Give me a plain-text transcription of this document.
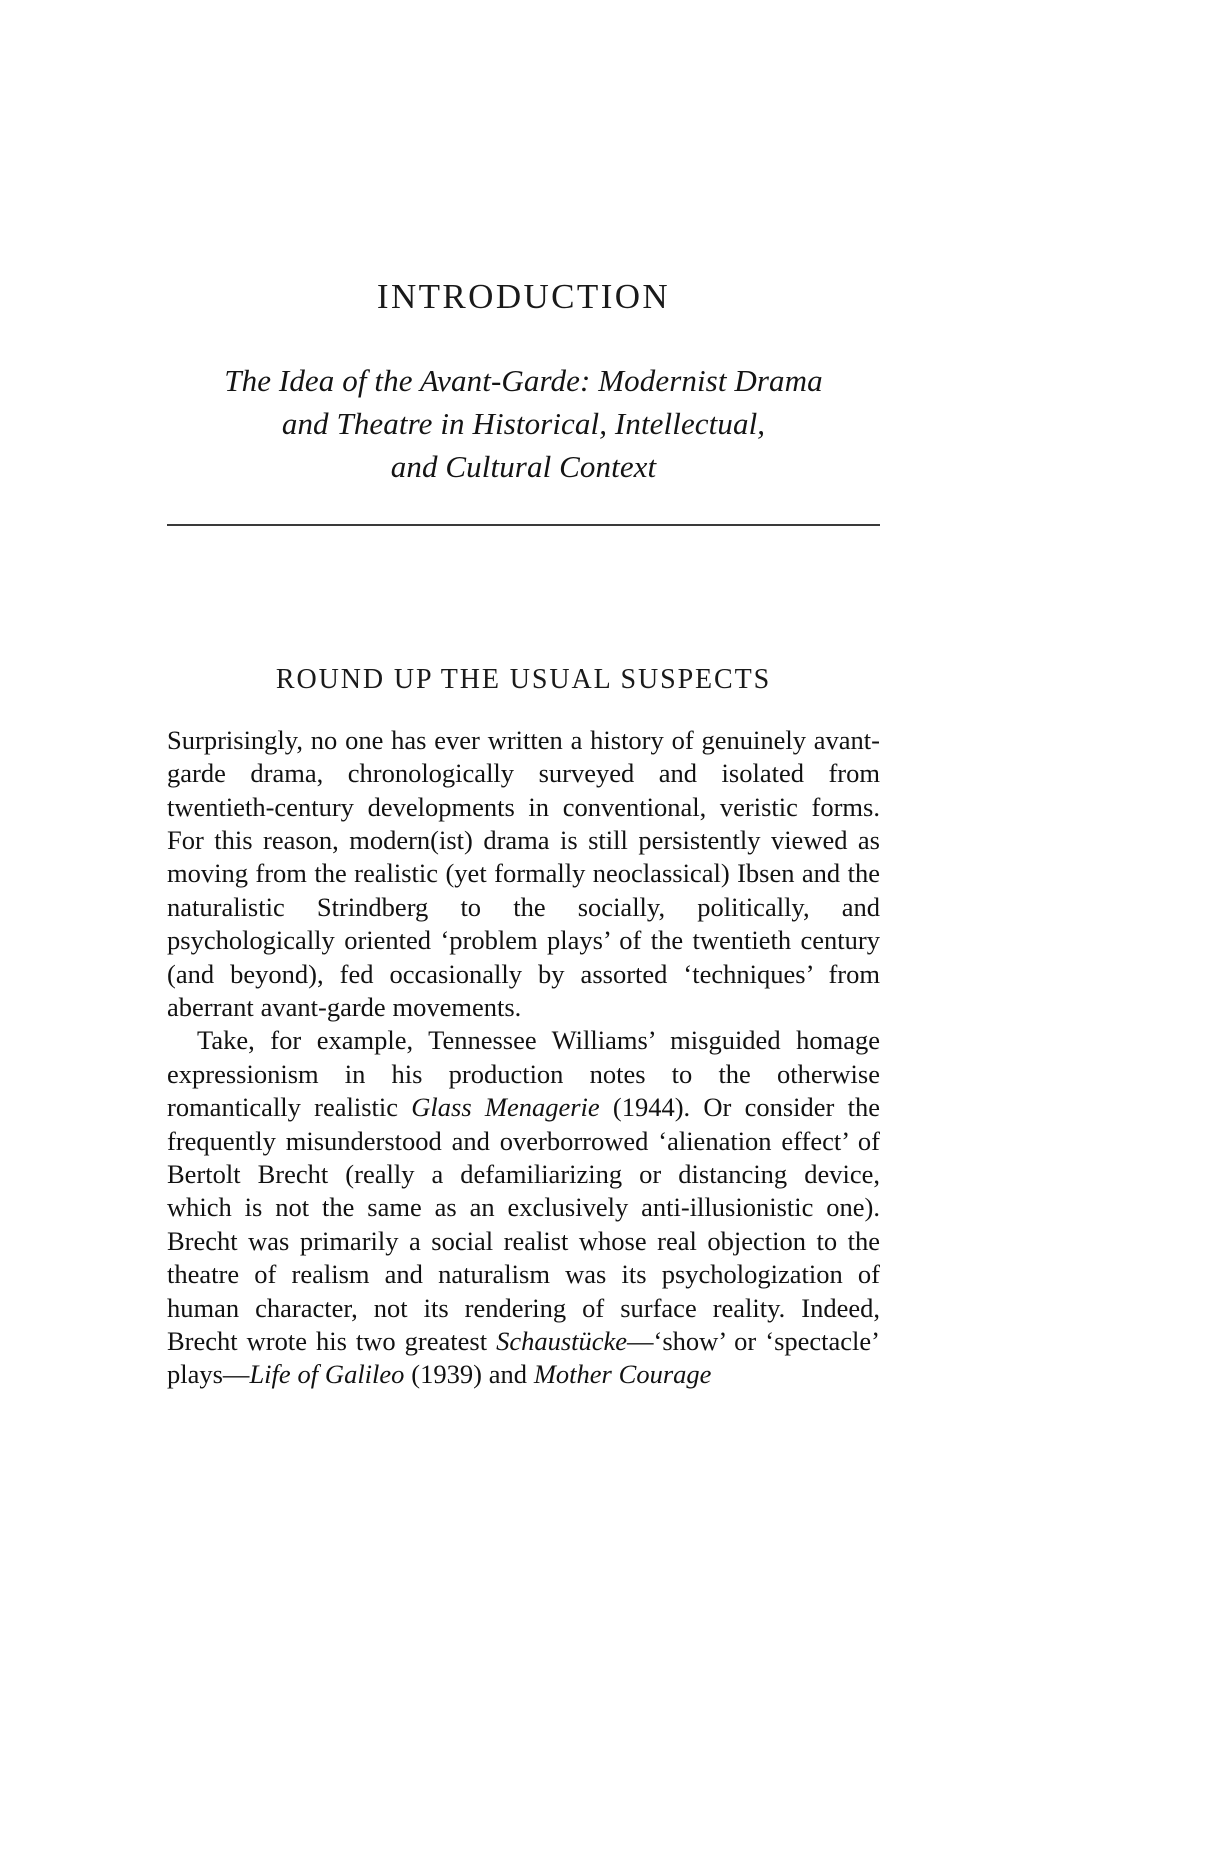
INTRODUCTION
The Idea of the Avant-Garde: Modernist Drama
and Theatre in Historical, Intellectual,
and Cultural Context
ROUND UP THE USUAL SUSPECTS

Surprisingly, no one has ever written a history of genuinely avant-garde drama, chronologically surveyed and isolated from twentieth-century developments in conventional, veristic forms. For this reason, modern(ist) drama is still persistently viewed as moving from the realistic (yet formally neoclassical) Ibsen and the naturalistic Strindberg to the socially, politically, and psychologically oriented ‘problem plays’ of the twentieth century (and beyond), fed occasionally by assorted ‘techniques’ from aberrant avant-garde movements.

Take, for example, Tennessee Williams’ misguided homage expressionism in his production notes to the otherwise romantically realistic Glass Menagerie (1944). Or consider the frequently misunderstood and overborrowed ‘alienation effect’ of Bertolt Brecht (really a defamiliarizing or distancing device, which is not the same as an exclusively anti-illusionistic one). Brecht was primarily a social realist whose real objection to the theatre of realism and naturalism was its psychologization of human character, not its rendering of surface reality. Indeed, Brecht wrote his two greatest Schaustücke—‘show’ or ‘spectacle’ plays—Life of Galileo (1939) and Mother Courage
